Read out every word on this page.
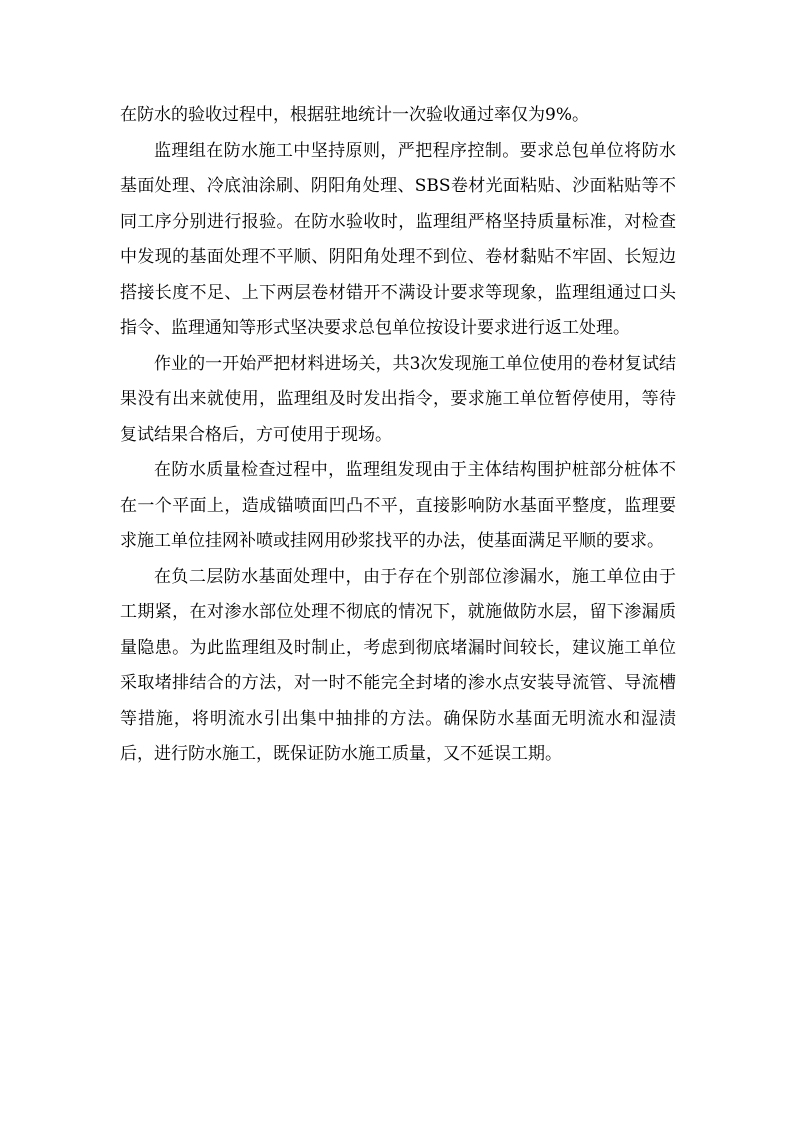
在防水的验收过程中，根据驻地统计一次验收通过率仅为9%。

监理组在防水施工中坚持原则，严把程序控制。要求总包单位将防水基面处理、冷底油涂刷、阴阳角处理、SBS卷材光面粘贴、沙面粘贴等不同工序分别进行报验。在防水验收时，监理组严格坚持质量标准，对检查中发现的基面处理不平顺、阴阳角处理不到位、卷材黏贴不牢固、长短边搭接长度不足、上下两层卷材错开不满设计要求等现象，监理组通过口头指令、监理通知等形式坚决要求总包单位按设计要求进行返工处理。

作业的一开始严把材料进场关，共3次发现施工单位使用的卷材复试结果没有出来就使用，监理组及时发出指令，要求施工单位暂停使用，等待复试结果合格后，方可使用于现场。

在防水质量检查过程中，监理组发现由于主体结构围护桩部分桩体不在一个平面上，造成锚喷面凹凸不平，直接影响防水基面平整度，监理要求施工单位挂网补喷或挂网用砂浆找平的办法，使基面满足平顺的要求。

在负二层防水基面处理中，由于存在个别部位渗漏水，施工单位由于工期紧，在对渗水部位处理不彻底的情况下，就施做防水层，留下渗漏质量隐患。为此监理组及时制止，考虑到彻底堵漏时间较长，建议施工单位采取堵排结合的方法，对一时不能完全封堵的渗水点安装导流管、导流槽等措施，将明流水引出集中抽排的方法。确保防水基面无明流水和湿渍后，进行防水施工，既保证防水施工质量，又不延误工期。
